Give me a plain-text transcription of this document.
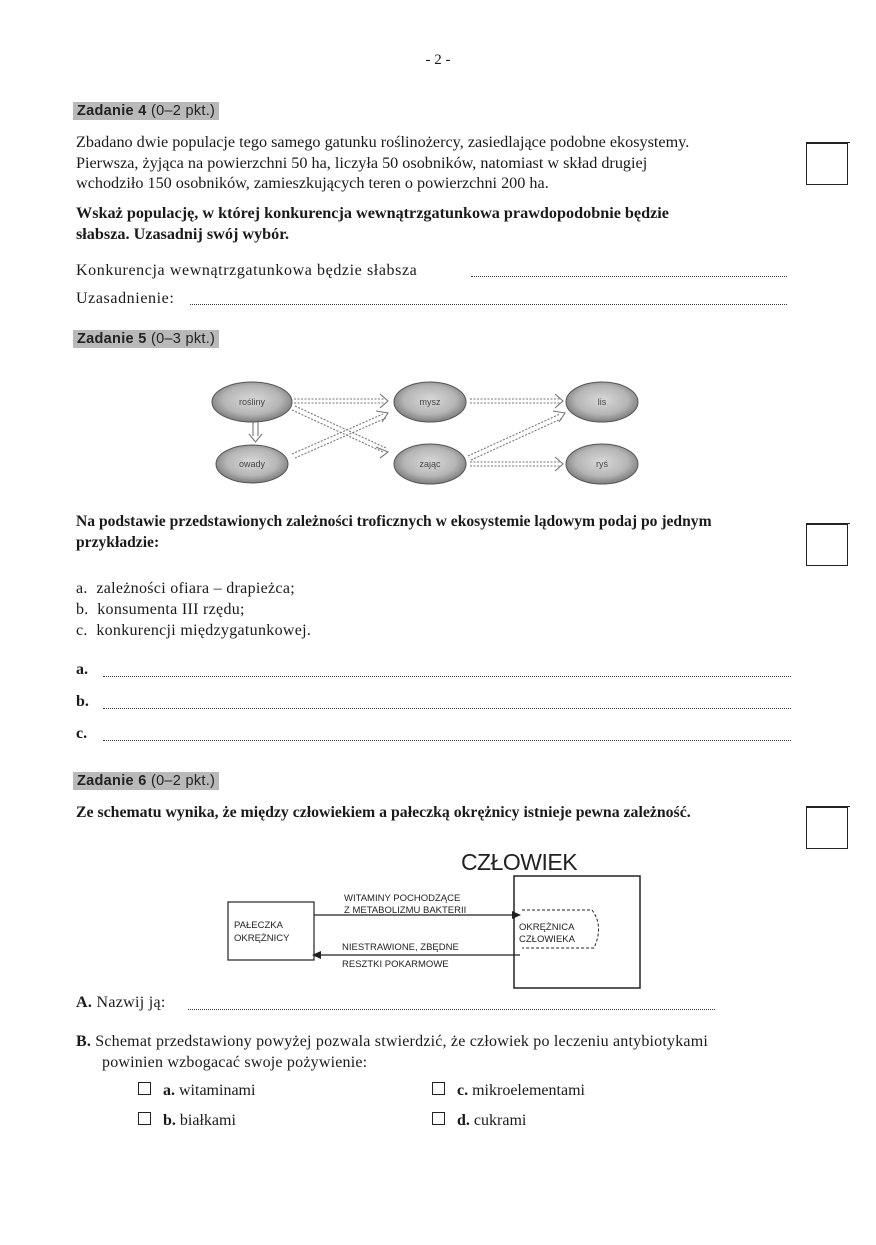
- 2 -
Zadanie 4 (0–2 pkt.)
Zbadano dwie populacje tego samego gatunku roślinożercy, zasiedlające podobne ekosystemy.
Pierwsza, żyjąca na powierzchni 50 ha, liczyła 50 osobników, natomiast w skład drugiej
wchodziło 150 osobników, zamieszkujących teren o powierzchni 200 ha.
Wskaż populację, w której konkurencja wewnątrzgatunkowa prawdopodobnie będzie
słabsza. Uzasadnij swój wybór.
Konkurencja wewnątrzgatunkowa będzie słabsza
Uzasadnienie:
Zadanie 5 (0–3 pkt.)
rośliny
owady
mysz
zając
lis
ryś
Na podstawie przedstawionych zależności troficznych w ekosystemie lądowym podaj po jednym
przykładzie:
a. zależności ofiara – drapieżca;
b. konsumenta III rzędu;
c. konkurencji międzygatunkowej.
a.
b.
c.
Zadanie 6 (0–2 pkt.)
Ze schematu wynika, że między człowiekiem a pałeczką okrężnicy istnieje pewna zależność.
CZŁOWIEK
PAŁECZKA
OKRĘŻNICY
OKRĘŻNICA
CZŁOWIEKA
WITAMINY POCHODZĄCE
Z METABOLIZMU BAKTERII
NIESTRAWIONE, ZBĘDNE
RESZTKI POKARMOWE
A. Nazwij ją:
B. Schemat przedstawiony powyżej pozwala stwierdzić, że człowiek po leczeniu antybiotykami
powinien wzbogacać swoje pożywienie:
a. witaminami
b. białkami
c. mikroelementami
d. cukrami
